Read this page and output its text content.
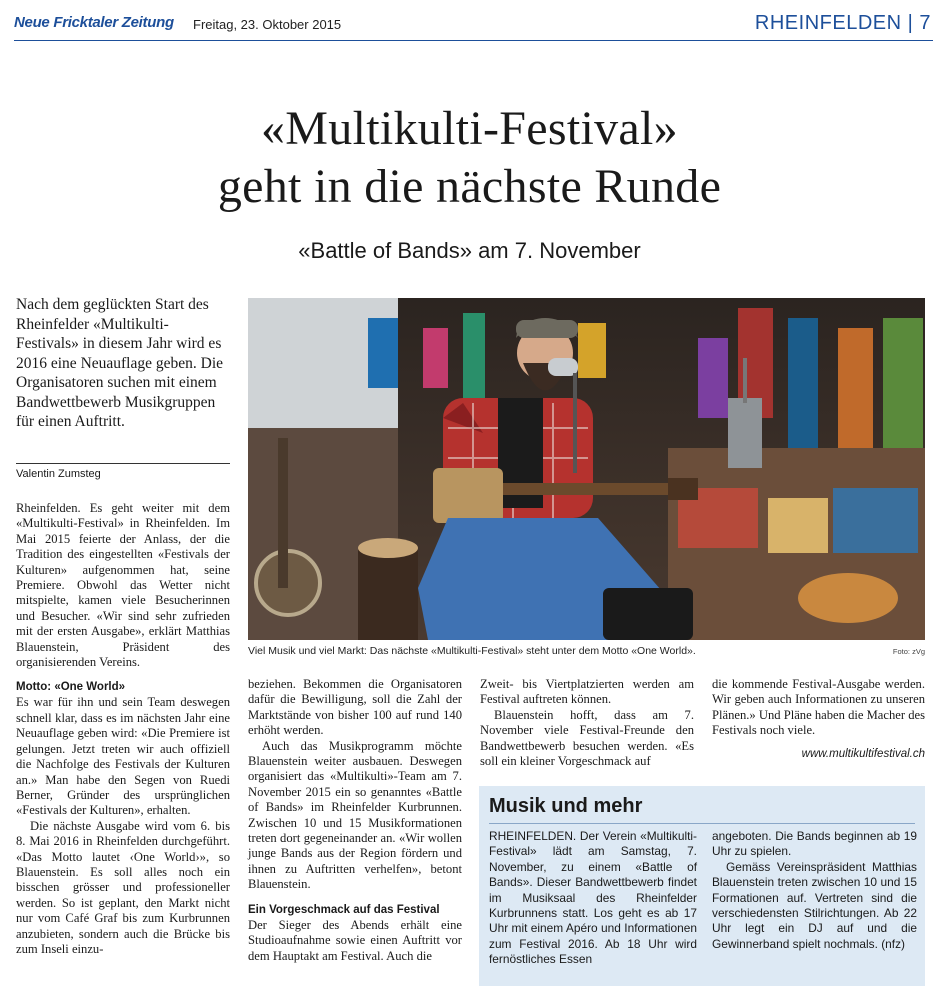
Neue Fricktaler Zeitung Freitag, 23. Oktober 2015	RHEINFELDEN | 7
«Multikulti-Festival»
geht in die nächste Runde
«Battle of Bands» am 7. November
Nach dem geglückten Start des Rheinfelder «Multikulti-Festivals» in diesem Jahr wird es 2016 eine Neuauflage geben. Die Organisatoren suchen mit einem Bandwettbewerb Musikgruppen für einen Auftritt.
Valentin Zumsteg
Viel Musik und viel Markt: Das nächste «Multikulti-Festival» steht unter dem Motto «One World».	Foto: zVg

Rheinfelden. Es geht weiter mit dem «Multikulti-Festival» in Rheinfelden. Im Mai 2015 feierte der Anlass, der die Tradition des eingestellten «Festivals der Kulturen» aufgenommen hat, seine Premiere. Obwohl das Wetter nicht mitspielte, kamen viele Besucherinnen und Besucher. «Wir sind sehr zufrieden mit der ersten Ausgabe», erklärt Matthias Blauenstein, Präsident des organisierenden Vereins.

Motto: «One World»

Es war für ihn und sein Team deswegen schnell klar, dass es im nächsten Jahr eine Neuauflage geben wird: «Die Premiere ist gelungen. Jetzt treten wir auch offiziell die Nachfolge des Festivals der Kulturen an.» Man habe den Segen von Ruedi Berner, Gründer des ursprünglichen «Festivals der Kulturen», erhalten.

Die nächste Ausgabe wird vom 6. bis 8. Mai 2016 in Rheinfelden durchgeführt. «Das Motto lautet ‹One World›», so Blauenstein. Es soll alles noch ein bisschen grösser und professioneller werden. So ist geplant, den Markt nicht nur vom Café Graf bis zum Kurbrunnen anzubieten, sondern auch die Brücke bis zum Inseli einzu-

beziehen. Bekommen die Organisatoren dafür die Bewilligung, soll die Zahl der Marktstände von bisher 100 auf rund 140 erhöht werden.

Auch das Musikprogramm möchte Blauenstein weiter ausbauen. Deswegen organisiert das «Multikulti»-Team am 7. November 2015 ein so genanntes «Battle of Bands» im Rheinfelder Kurbrunnen. Zwischen 10 und 15 Musikformationen treten dort gegeneinander an. «Wir wollen junge Bands aus der Region fördern und ihnen zu Auftritten verhelfen», betont Blauenstein.

Ein Vorgeschmack auf das Festival

Der Sieger des Abends erhält eine Studioaufnahme sowie einen Auftritt vor dem Hauptakt am Festival. Auch die

Zweit- bis Viertplatzierten werden am Festival auftreten können.

Blauenstein hofft, dass am 7. November viele Festival-Freunde den Bandwettbewerb besuchen werden. «Es soll ein kleiner Vorgeschmack auf

die kommende Festival-Ausgabe werden. Wir geben auch Informationen zu unseren Plänen.» Und Pläne haben die Macher des Festivals noch viele.

www.multikultifestival.ch
Musik und mehr
RHEINFELDEN. Der Verein «Multikulti-Festival» lädt am Samstag, 7. November, zu einem «Battle of Bands». Dieser Bandwettbewerb findet im Musiksaal des Rheinfelder Kurbrunnens statt. Los geht es ab 17 Uhr mit einem Apéro und Informationen zum Festival 2016. Ab 18 Uhr wird fernöstliches Essen

angeboten. Die Bands beginnen ab 19 Uhr zu spielen.

Gemäss Vereinspräsident Matthias Blauenstein treten zwischen 10 und 15 Formationen auf. Vertreten sind die verschiedensten Stilrichtungen. Ab 22 Uhr legt ein DJ auf und die Gewinnerband spielt nochmals. (nfz)
